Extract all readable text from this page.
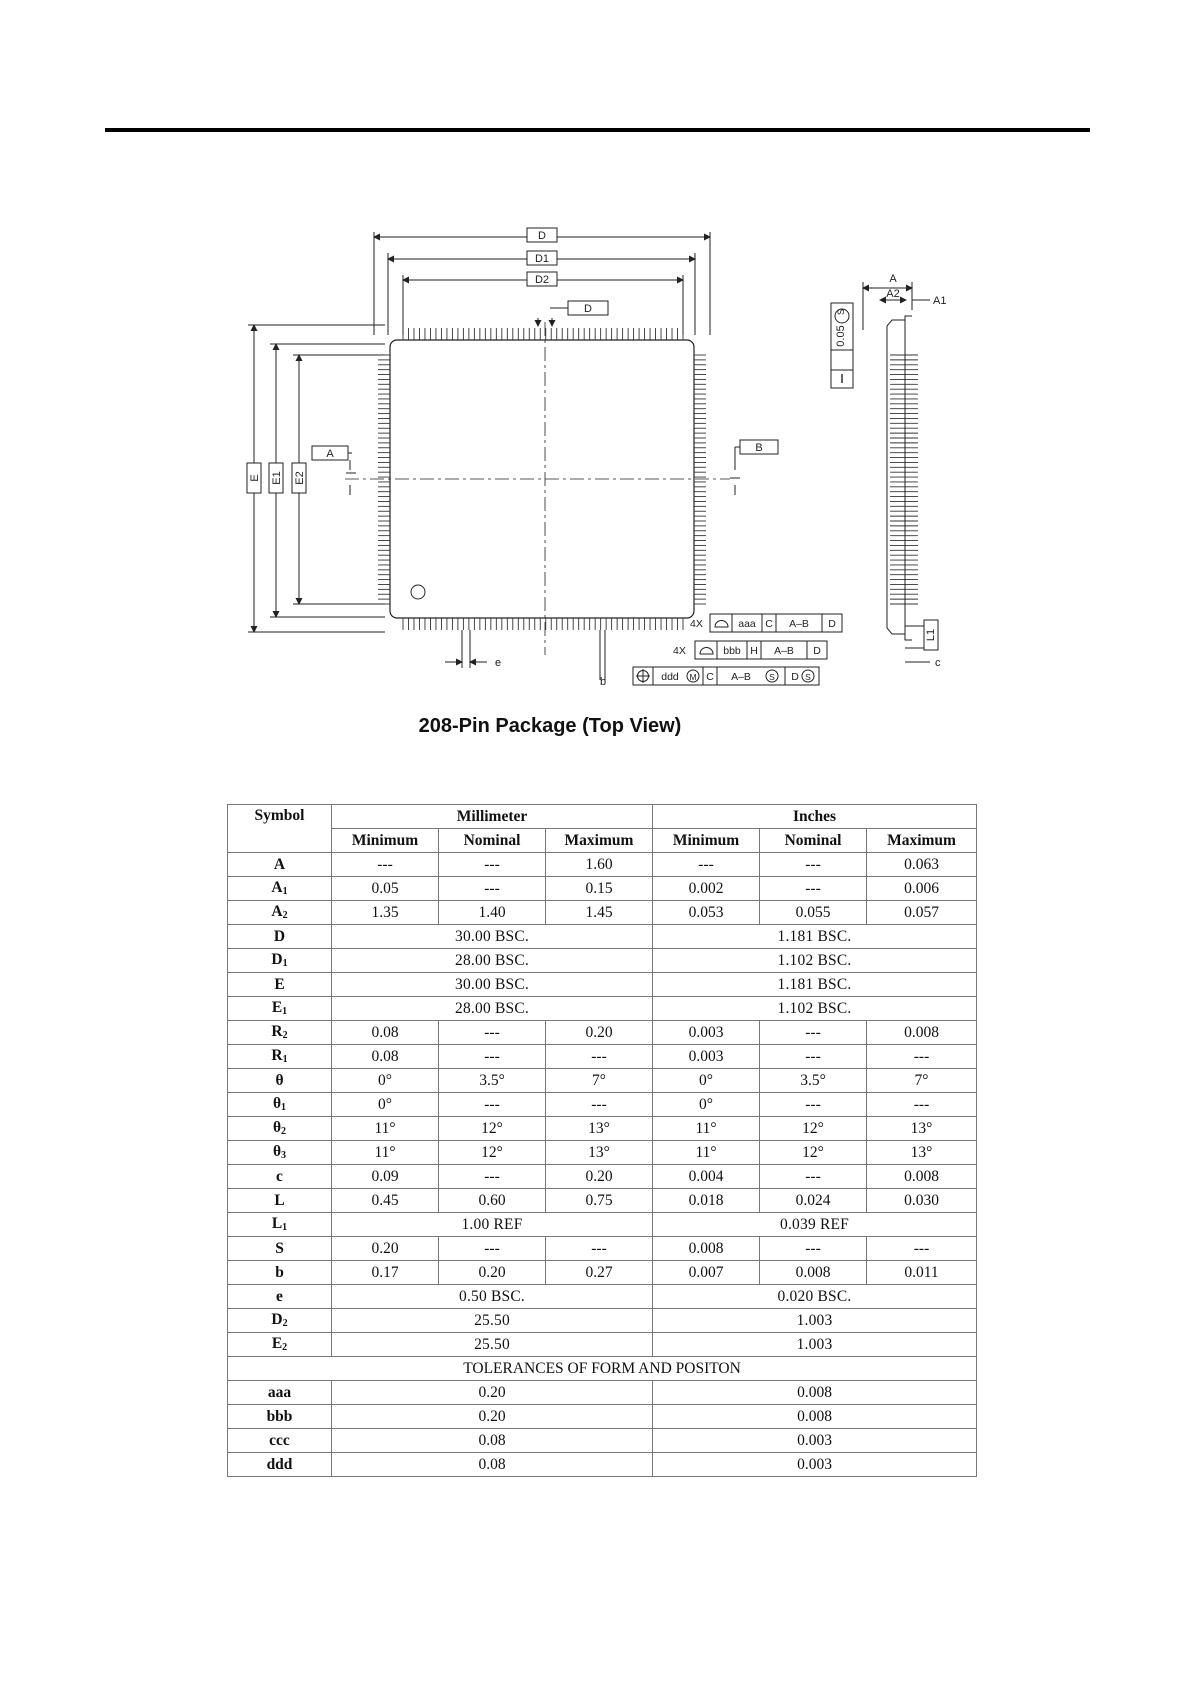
D
D1
D2
D
E E1 E2
A	B
e
b
4X	aaa C A–B D
4X	bbb H A–B D
ddd M C A–B S D S
A
A2
A1
0.05
S
L1
c
208-Pin Package (Top View)
Symbol	Millimeter			Inches		
	Minimum	Nominal	Maximum	Minimum	Nominal	Maximum
A	---	---	1.60	---	---	0.063
$A_1$	0.05	---	0.15	0.002	---	0.006
$A_2$	1.35	1.40	1.45	0.053	0.055	0.057
D	30.00 BSC.			1.181 BSC.		
$D_1$	28.00 BSC.			1.102 BSC.		
E	30.00 BSC.			1.181 BSC.		
$E_1$	28.00 BSC.			1.102 BSC.		
$R_2$	0.08	---	0.20	0.003	---	0.008
$R_1$	0.08	---	---	0.003	---	---
θ	0°	3.5°	7°	0°	3.5°	7°
$\theta_1$	0°	---	---	0°	---	---
$\theta_2$	11°	12°	13°	11°	12°	13°
$\theta_3$	11°	12°	13°	11°	12°	13°
c	0.09	---	0.20	0.004	---	0.008
L	0.45	0.60	0.75	0.018	0.024	0.030
$L_1$	1.00 REF			0.039 REF		
S	0.20	---	---	0.008	---	---
b	0.17	0.20	0.27	0.007	0.008	0.011
e	0.50 BSC.			0.020 BSC.		
$D_2$	25.50			1.003		
$E_2$	25.50			1.003		
TOLERANCES OF FORM AND POSITON						
aaa	0.20			0.008		
bbb	0.20			0.008		
ccc	0.08			0.003		
ddd	0.08			0.003		
